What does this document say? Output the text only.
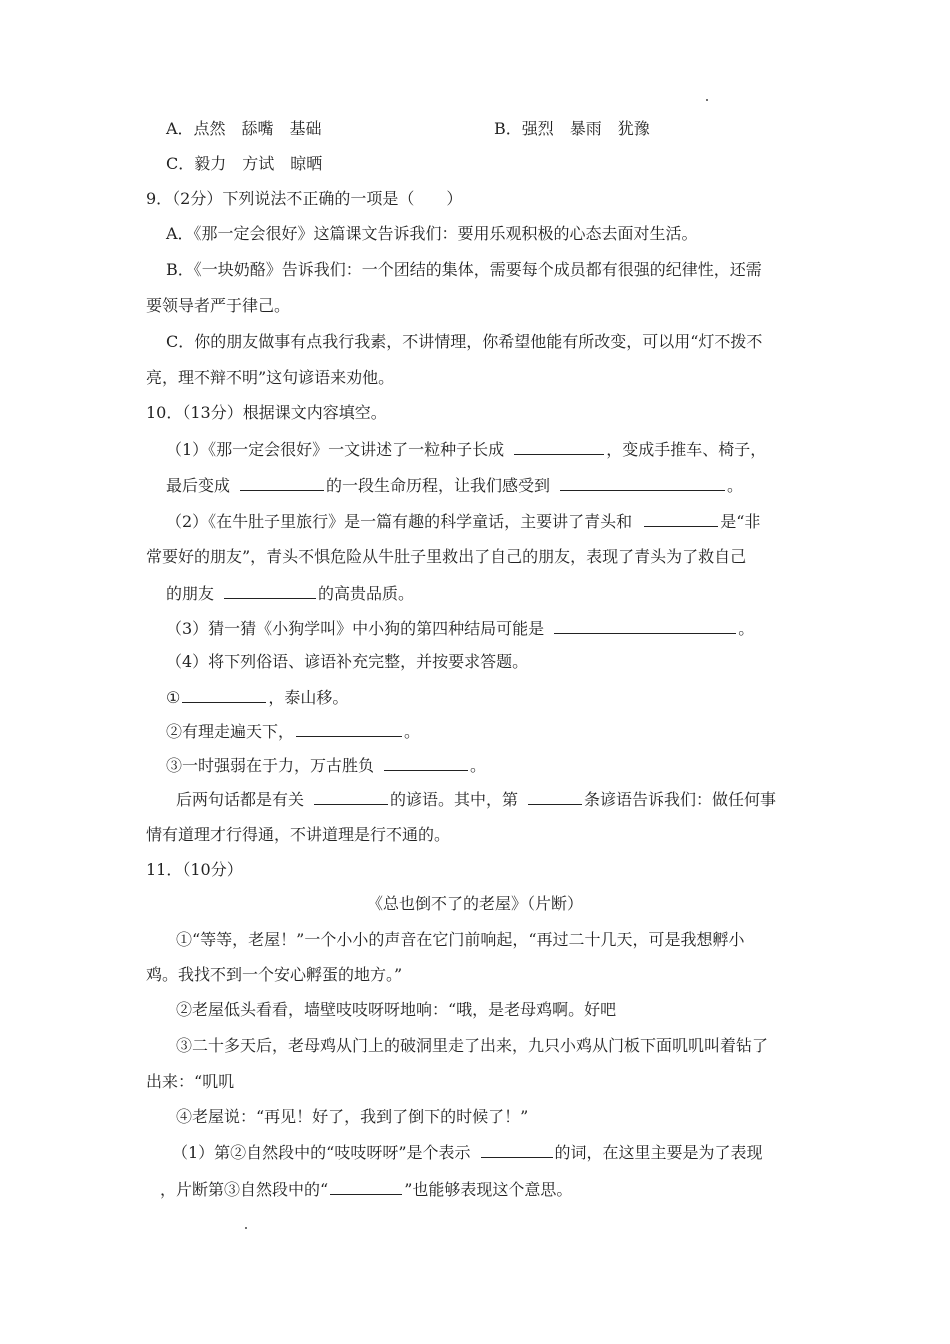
A．点然　舔嘴　基础	B．强烈　暴雨　犹豫
C．毅力　方试　晾晒
9．（2分）下列说法不正确的一项是（　　）
A．《那一定会很好》这篇课文告诉我们：要用乐观积极的心态去面对生活。
B．《一块奶酪》告诉我们：一个团结的集体，需要每个成员都有很强的纪律性，还需
要领导者严于律己。
C．你的朋友做事有点我行我素，不讲情理，你希望他能有所改变，可以用“灯不拨不
亮，理不辩不明”这句谚语来劝他。
10．（13分）根据课文内容填空。
（1）《那一定会很好》一文讲述了一粒种子长成	，变成手推车、椅子，
最后变成	的一段生命历程，让我们感受到	。
（2）《在牛肚子里旅行》是一篇有趣的科学童话，主要讲了青头和	是“非
常要好的朋友”，青头不惧危险从牛肚子里救出了自己的朋友，表现了青头为了救自己
的朋友	的高贵品质。
（3）猜一猜《小狗学叫》中小狗的第四种结局可能是	。
（4）将下列俗语、谚语补充完整，并按要求答题。
①	，泰山移。
②有理走遍天下，	。
③一时强弱在于力，万古胜负	。
后两句话都是有关	的谚语。其中，第	条谚语告诉我们：做任何事
情有道理才行得通，不讲道理是行不通的。
11．（10分）
《总也倒不了的老屋》（片断）
①“等等，老屋！”一个小小的声音在它门前响起，“再过二十几天，可是我想孵小
鸡。我找不到一个安心孵蛋的地方。”
②老屋低头看看，墙壁吱吱呀呀地响：“哦，是老母鸡啊。好吧
③二十多天后，老母鸡从门上的破洞里走了出来，九只小鸡从门板下面叽叽叫着钻了
出来：“叽叽
④老屋说：“再见！好了，我到了倒下的时候了！”
（1）第②自然段中的“吱吱呀呀”是个表示	的词，在这里主要是为了表现
，片断第③自然段中的“	”也能够表现这个意思。
